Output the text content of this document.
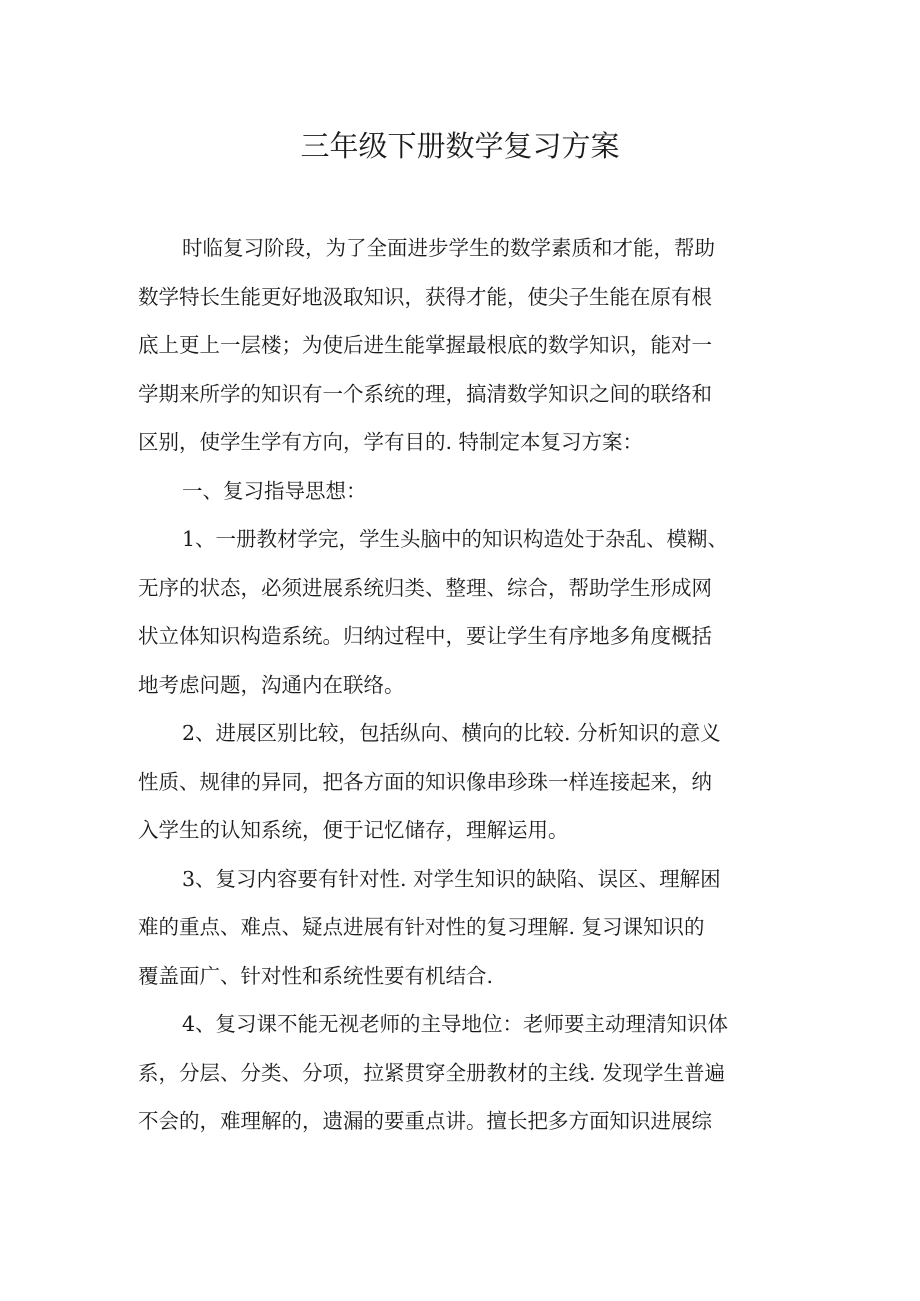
三年级下册数学复习方案
时临复习阶段，为了全面进步学生的数学素质和才能，帮助
数学特长生能更好地汲取知识，获得才能，使尖子生能在原有根
底上更上一层楼；为使后进生能掌握最根底的数学知识，能对一
学期来所学的知识有一个系统的理，搞清数学知识之间的联络和
区别，使学生学有方向，学有目的. 特制定本复习方案：
一、复习指导思想：
1、一册教材学完，学生头脑中的知识构造处于杂乱、模糊、
无序的状态，必须进展系统归类、整理、综合，帮助学生形成网
状立体知识构造系统。归纳过程中，要让学生有序地多角度概括
地考虑问题，沟通内在联络。
2、进展区别比较，包括纵向、横向的比较. 分析知识的意义
性质、规律的异同，把各方面的知识像串珍珠一样连接起来，纳
入学生的认知系统，便于记忆储存，理解运用。
3、复习内容要有针对性. 对学生知识的缺陷、误区、理解困
难的重点、难点、疑点进展有针对性的复习理解. 复习课知识的
覆盖面广、针对性和系统性要有机结合.
4、复习课不能无视老师的主导地位：老师要主动理清知识体
系，分层、分类、分项，拉紧贯穿全册教材的主线. 发现学生普遍
不会的，难理解的，遗漏的要重点讲。擅长把多方面知识进展综
